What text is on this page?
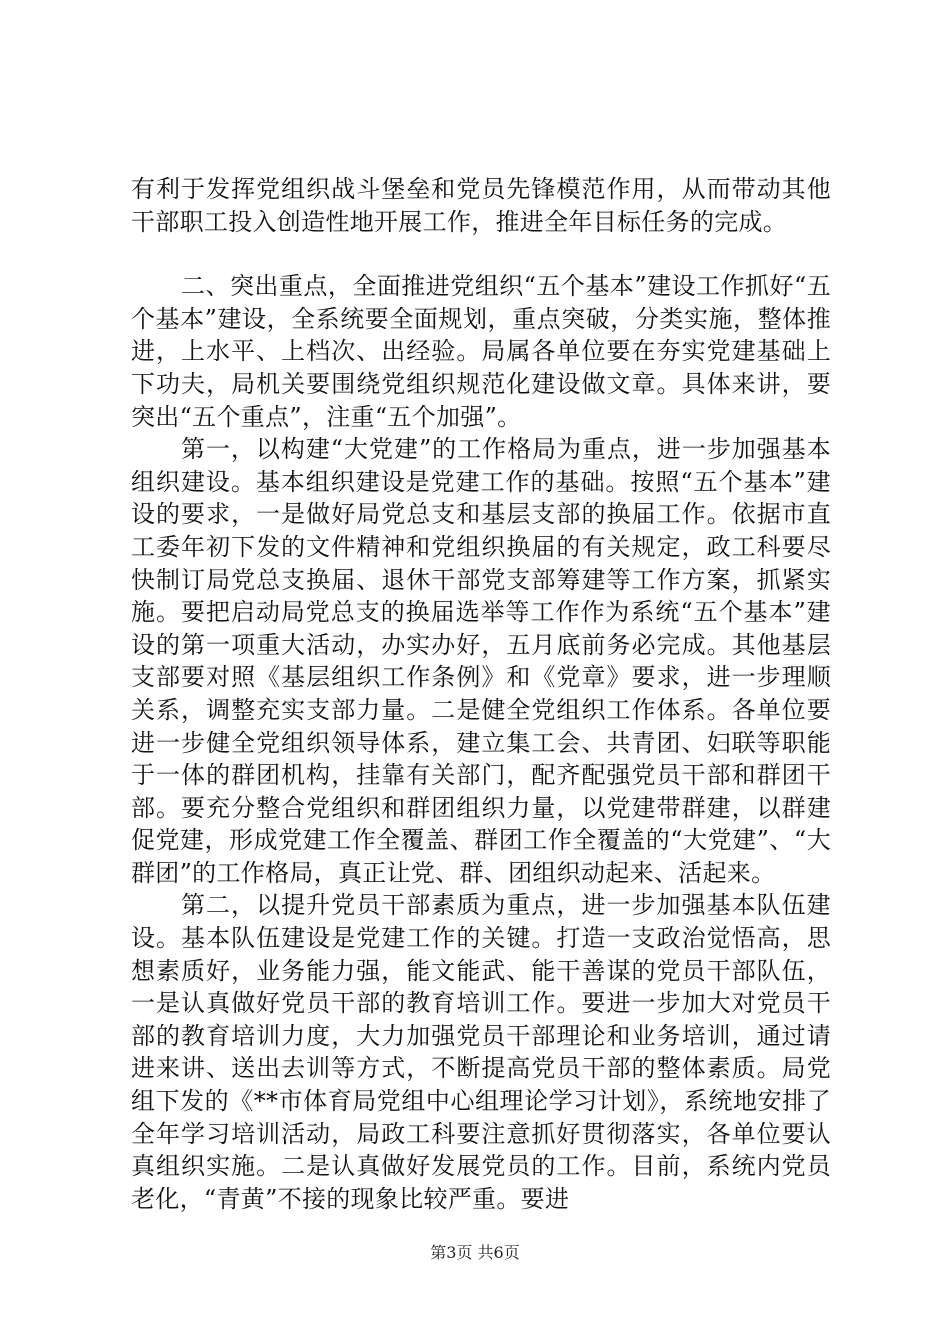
有利于发挥党组织战斗堡垒和党员先锋模范作用，从而带动其他干部职工投入创造性地开展工作，推进全年目标任务的完成。

二、突出重点，全面推进党组织“五个基本”建设工作抓好“五个基本”建设，全系统要全面规划，重点突破，分类实施，整体推进，上水平、上档次、出经验。局属各单位要在夯实党建基础上下功夫，局机关要围绕党组织规范化建设做文章。具体来讲，要突出“五个重点”，注重“五个加强”。

第一，以构建“大党建”的工作格局为重点，进一步加强基本组织建设。基本组织建设是党建工作的基础。按照“五个基本”建设的要求，一是做好局党总支和基层支部的换届工作。依据市直工委年初下发的文件精神和党组织换届的有关规定，政工科要尽快制订局党总支换届、退休干部党支部筹建等工作方案，抓紧实施。要把启动局党总支的换届选举等工作作为系统“五个基本”建设的第一项重大活动，办实办好，五月底前务必完成。其他基层支部要对照《基层组织工作条例》和《党章》要求，进一步理顺关系，调整充实支部力量。二是健全党组织工作体系。各单位要进一步健全党组织领导体系，建立集工会、共青团、妇联等职能于一体的群团机构，挂靠有关部门，配齐配强党员干部和群团干部。要充分整合党组织和群团组织力量，以党建带群建，以群建促党建，形成党建工作全覆盖、群团工作全覆盖的“大党建”、“大群团”的工作格局，真正让党、群、团组织动起来、活起来。

第二，以提升党员干部素质为重点，进一步加强基本队伍建设。基本队伍建设是党建工作的关键。打造一支政治觉悟高，思想素质好，业务能力强，能文能武、能干善谋的党员干部队伍，一是认真做好党员干部的教育培训工作。要进一步加大对党员干部的教育培训力度，大力加强党员干部理论和业务培训，通过请进来讲、送出去训等方式，不断提高党员干部的整体素质。局党组下发的《**市体育局党组中心组理论学习计划》，系统地安排了全年学习培训活动，局政工科要注意抓好贯彻落实，各单位要认真组织实施。二是认真做好发展党员的工作。目前，系统内党员老化，“青黄”不接的现象比较严重。要进

第3页 共6页
